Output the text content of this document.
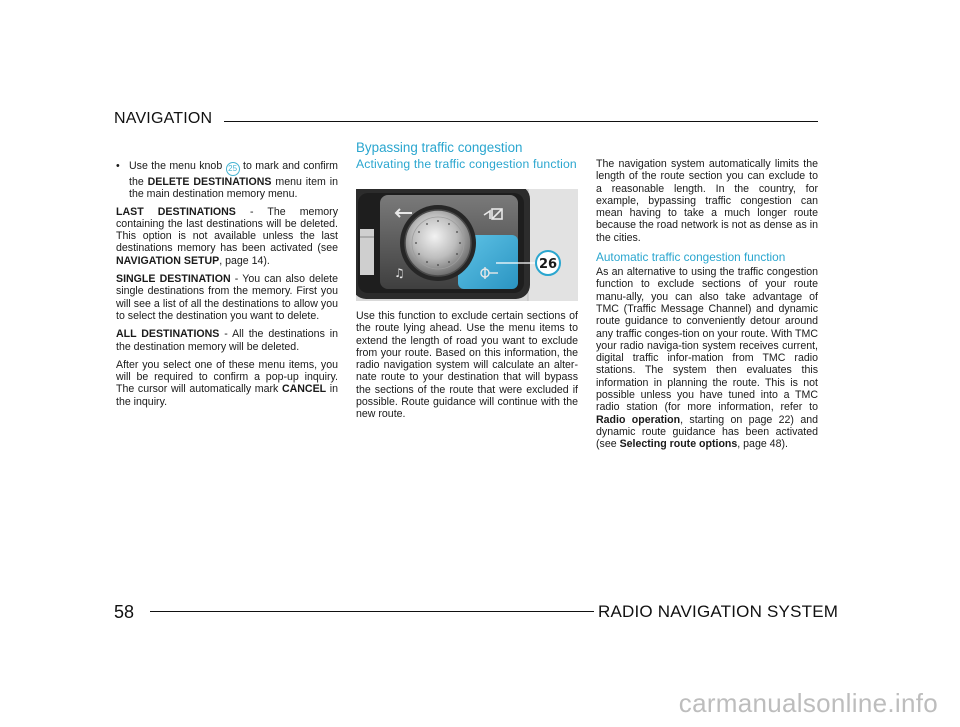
NAVIGATION
• Use the menu knob 25 to mark and confirm the DELETE DESTINATIONS menu item in the main destination memory menu.

LAST DESTINATIONS - The memory containing the last destinations will be deleted. This option is not available unless the last destinations memory has been activated (see NAVIGATION SETUP, page 14).

SINGLE DESTINATION - You can also delete single destinations from the memory. First you will see a list of all the destinations to allow you to select the destination you want to delete.

ALL DESTINATIONS - All the destinations in the destination memory will be deleted.

After you select one of these menu items, you will be required to confirm a pop-up inquiry. The cursor will automatically mark CANCEL in the inquiry.

Bypassing traffic congestion
Activating the traffic congestion function
♫
26

Use this function to exclude certain sections of the route lying ahead. Use the menu items to extend the length of road you want to exclude from your route. Based on this information, the radio navigation system will calculate an alter-nate route to your destination that will bypass the sections of the route that were excluded if possible. Route guidance will continue with the new route.

The navigation system automatically limits the length of the route section you can exclude to a reasonable length. In the country, for example, bypassing traffic congestion can mean having to take a much longer route because the road network is not as dense as in the cities.

Automatic traffic congestion function

As an alternative to using the traffic congestion function to exclude sections of your route manu-ally, you can also take advantage of TMC (Traffic Message Channel) and dynamic route guidance to conveniently detour around any traffic conges-tion on your route. With TMC your radio naviga-tion system receives current, digital traffic infor-mation from TMC radio stations. The system then evaluates this information in planning the route. This is not possible unless you have tuned into a TMC radio station (for more information, refer to Radio operation, starting on page 22) and dynamic route guidance has been activated (see Selecting route options, page 48).

58	RADIO NAVIGATION SYSTEM
carmanualsonline.info
